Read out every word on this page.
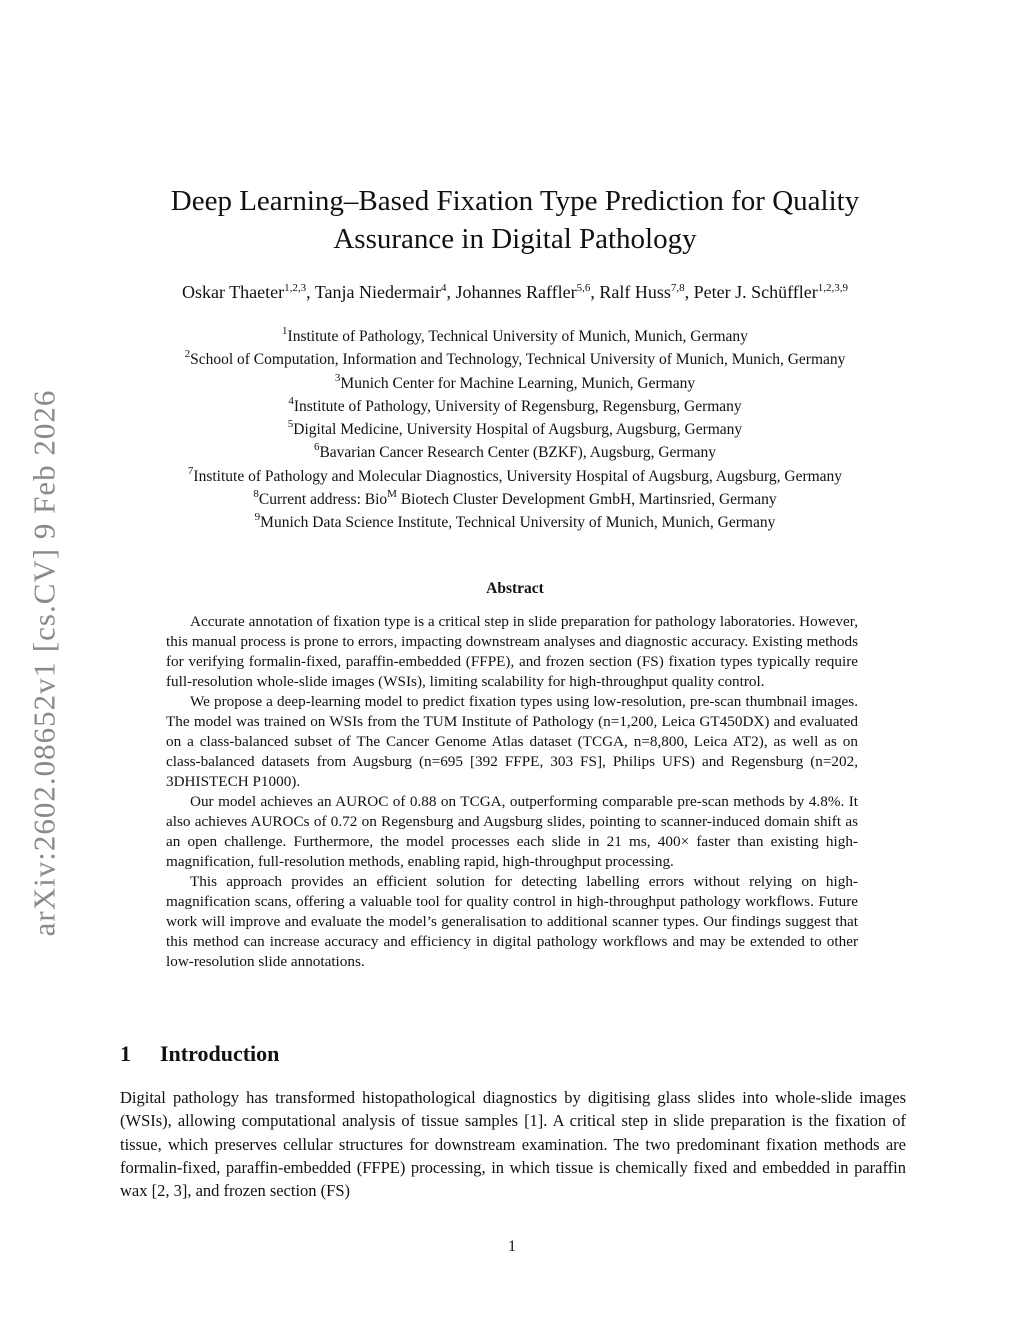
arXiv:2602.08652v1 [cs.CV] 9 Feb 2026
Deep Learning–Based Fixation Type Prediction for Quality Assurance in Digital Pathology
Oskar Thaeter$^{1,2,3}$, Tanja Niedermair$^4$, Johannes Raffler$^{5,6}$, Ralf Huss$^{7,8}$, Peter J. Schüffler$^{1,2,3,9}$
$^1$Institute of Pathology, Technical University of Munich, Munich, Germany
$^2$School of Computation, Information and Technology, Technical University of Munich, Munich, Germany
$^3$Munich Center for Machine Learning, Munich, Germany
$^4$Institute of Pathology, University of Regensburg, Regensburg, Germany
$^5$Digital Medicine, University Hospital of Augsburg, Augsburg, Germany
$^6$Bavarian Cancer Research Center (BZKF), Augsburg, Germany
$^7$Institute of Pathology and Molecular Diagnostics, University Hospital of Augsburg, Augsburg, Germany
$^8$Current address: Bio$^M$ Biotech Cluster Development GmbH, Martinsried, Germany
$^9$Munich Data Science Institute, Technical University of Munich, Munich, Germany
Abstract

Accurate annotation of fixation type is a critical step in slide preparation for pathology laboratories. However, this manual process is prone to errors, impacting downstream analyses and diagnostic accuracy. Existing methods for verifying formalin-fixed, paraffin-embedded (FFPE), and frozen section (FS) fixation types typically require full-resolution whole-slide images (WSIs), limiting scalability for high-throughput quality control.

We propose a deep-learning model to predict fixation types using low-resolution, pre-scan thumbnail images. The model was trained on WSIs from the TUM Institute of Pathology (n=1,200, Leica GT450DX) and evaluated on a class-balanced subset of The Cancer Genome Atlas dataset (TCGA, n=8,800, Leica AT2), as well as on class-balanced datasets from Augsburg (n=695 [392 FFPE, 303 FS], Philips UFS) and Regensburg (n=202, 3DHISTECH P1000).

Our model achieves an AUROC of 0.88 on TCGA, outperforming comparable pre-scan methods by 4.8%. It also achieves AUROCs of 0.72 on Regensburg and Augsburg slides, pointing to scanner-induced domain shift as an open challenge. Furthermore, the model processes each slide in 21 ms, 400× faster than existing high-magnification, full-resolution methods, enabling rapid, high-throughput processing.

This approach provides an efficient solution for detecting labelling errors without relying on high-magnification scans, offering a valuable tool for quality control in high-throughput pathology workflows. Future work will improve and evaluate the model’s generalisation to additional scanner types. Our findings suggest that this method can increase accuracy and efficiency in digital pathology workflows and may be extended to other low-resolution slide annotations.

1 Introduction

Digital pathology has transformed histopathological diagnostics by digitising glass slides into whole-slide images (WSIs), allowing computational analysis of tissue samples [1]. A critical step in slide preparation is the fixation of tissue, which preserves cellular structures for downstream examination. The two predominant fixation methods are formalin-fixed, paraffin-embedded (FFPE) processing, in which tissue is chemically fixed and embedded in paraffin wax [2, 3], and frozen section (FS)

1
